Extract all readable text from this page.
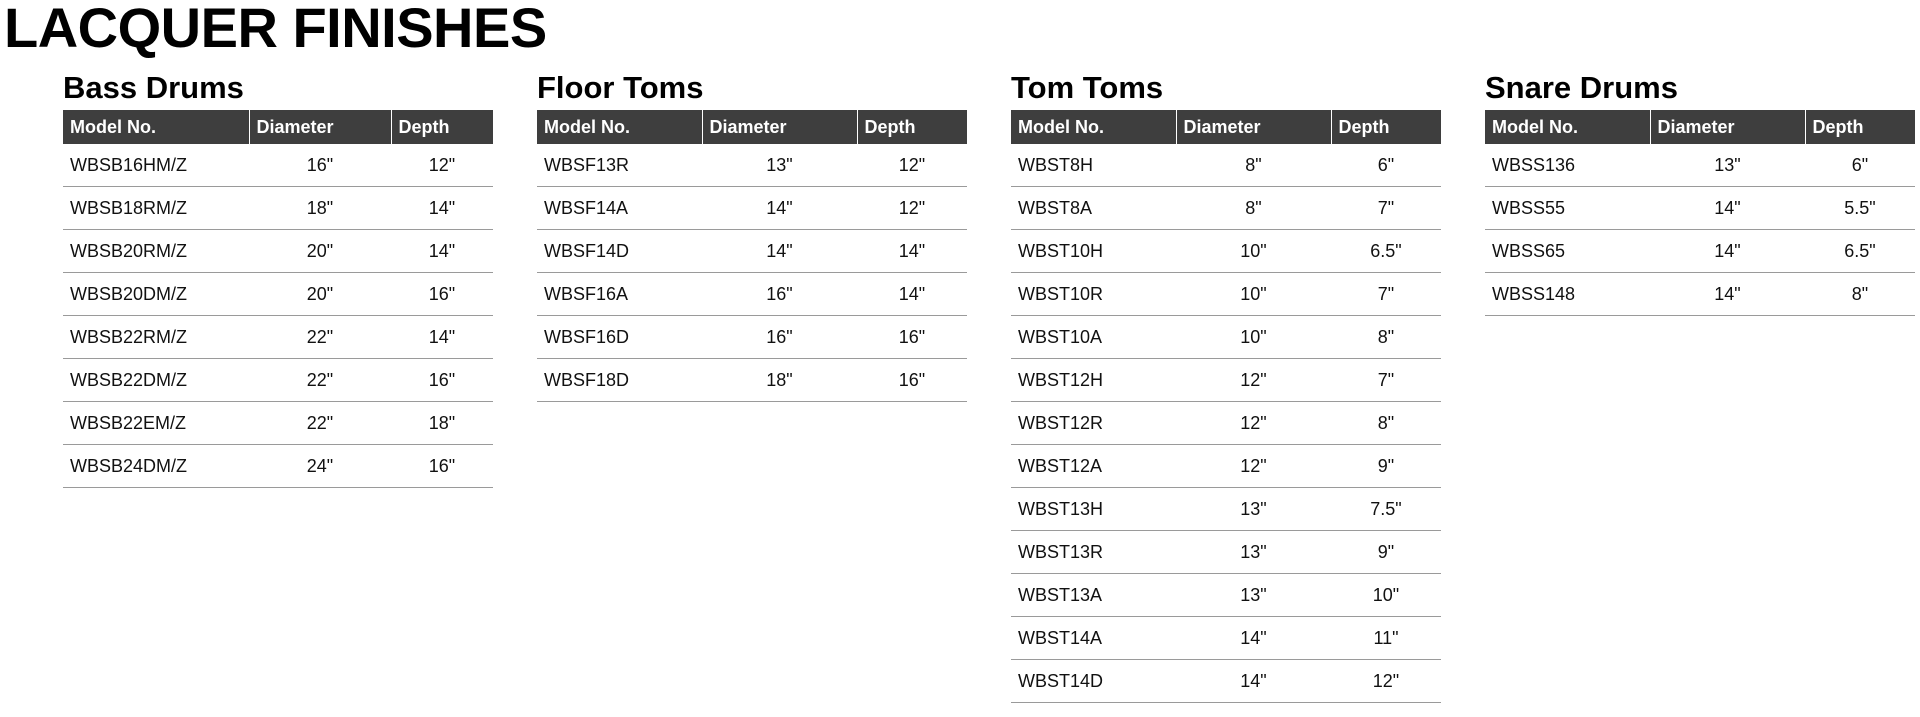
LACQUER FINISHES
Bass Drums
Model No.	Diameter	Depth
WBSB16HM/Z	16"	12"
WBSB18RM/Z	18"	14"
WBSB20RM/Z	20"	14"
WBSB20DM/Z	20"	16"
WBSB22RM/Z	22"	14"
WBSB22DM/Z	22"	16"
WBSB22EM/Z	22"	18"
WBSB24DM/Z	24"	16"
Floor Toms
Model No.	Diameter	Depth
WBSF13R	13"	12"
WBSF14A	14"	12"
WBSF14D	14"	14"
WBSF16A	16"	14"
WBSF16D	16"	16"
WBSF18D	18"	16"
Tom Toms
Model No.	Diameter	Depth
WBST8H	8"	6"
WBST8A	8"	7"
WBST10H	10"	6.5"
WBST10R	10"	7"
WBST10A	10"	8"
WBST12H	12"	7"
WBST12R	12"	8"
WBST12A	12"	9"
WBST13H	13"	7.5"
WBST13R	13"	9"
WBST13A	13"	10"
WBST14A	14"	11"
WBST14D	14"	12"
Snare Drums
Model No.	Diameter	Depth
WBSS136	13"	6"
WBSS55	14"	5.5"
WBSS65	14"	6.5"
WBSS148	14"	8"
